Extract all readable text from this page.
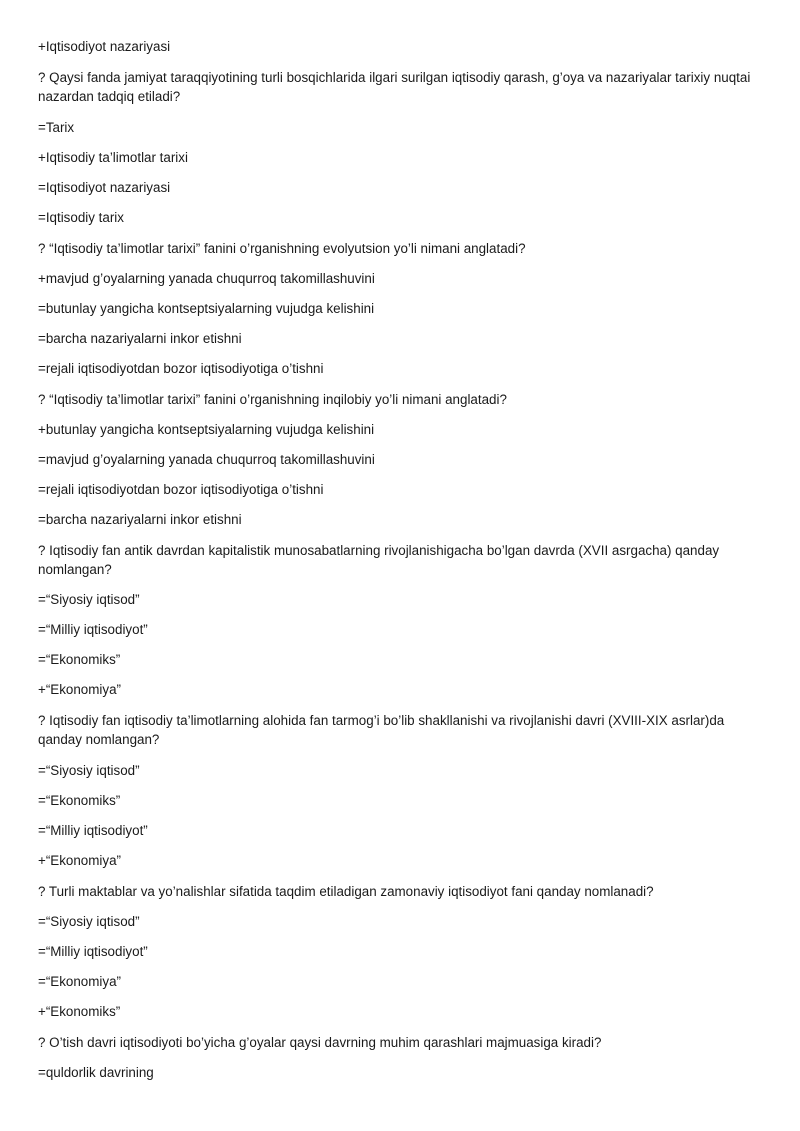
+Iqtisodiyot nazariyasi
? Qaysi fanda jamiyat taraqqiyotining turli bosqichlarida ilgari surilgan iqtisodiy qarash, g’oya va nazariyalar tarixiy nuqtai nazardan tadqiq etiladi?
=Tarix
+Iqtisodiy ta’limotlar tarixi
=Iqtisodiyot nazariyasi
=Iqtisodiy tarix
? “Iqtisodiy ta’limotlar tarixi” fanini o’rganishning evolyutsion yo’li nimani anglatadi?
+mavjud g’oyalarning yanada chuqurroq takomillashuvini
=butunlay yangicha kontseptsiyalarning vujudga kelishini
=barcha nazariyalarni inkor etishni
=rejali iqtisodiyotdan bozor iqtisodiyotiga o’tishni
? “Iqtisodiy ta’limotlar tarixi” fanini o’rganishning inqilobiy yo’li nimani anglatadi?
+butunlay yangicha kontseptsiyalarning vujudga kelishini
=mavjud g’oyalarning yanada chuqurroq takomillashuvini
=rejali iqtisodiyotdan bozor iqtisodiyotiga o’tishni
=barcha nazariyalarni inkor etishni
? Iqtisodiy fan antik davrdan kapitalistik munosabatlarning rivojlanishigacha bo’lgan davrda (XVII asrgacha) qanday nomlangan?
=“Siyosiy iqtisod”
=“Milliy iqtisodiyot”
=“Ekonomiks”
+“Ekonomiya”
? Iqtisodiy fan iqtisodiy ta’limotlarning alohida fan tarmog’i bo’lib shakllanishi va rivojlanishi davri (XVIII-XIX asrlar)da qanday nomlangan?
=“Siyosiy iqtisod”
=“Ekonomiks”
=“Milliy iqtisodiyot”
+“Ekonomiya”
? Turli maktablar va yo’nalishlar sifatida taqdim etiladigan zamonaviy iqtisodiyot fani qanday nomlanadi?
=“Siyosiy iqtisod”
=“Milliy iqtisodiyot”
=“Ekonomiya”
+“Ekonomiks”
? O’tish davri iqtisodiyoti bo’yicha g’oyalar qaysi davrning muhim qarashlari majmuasiga kiradi?
=quldorlik davrining
